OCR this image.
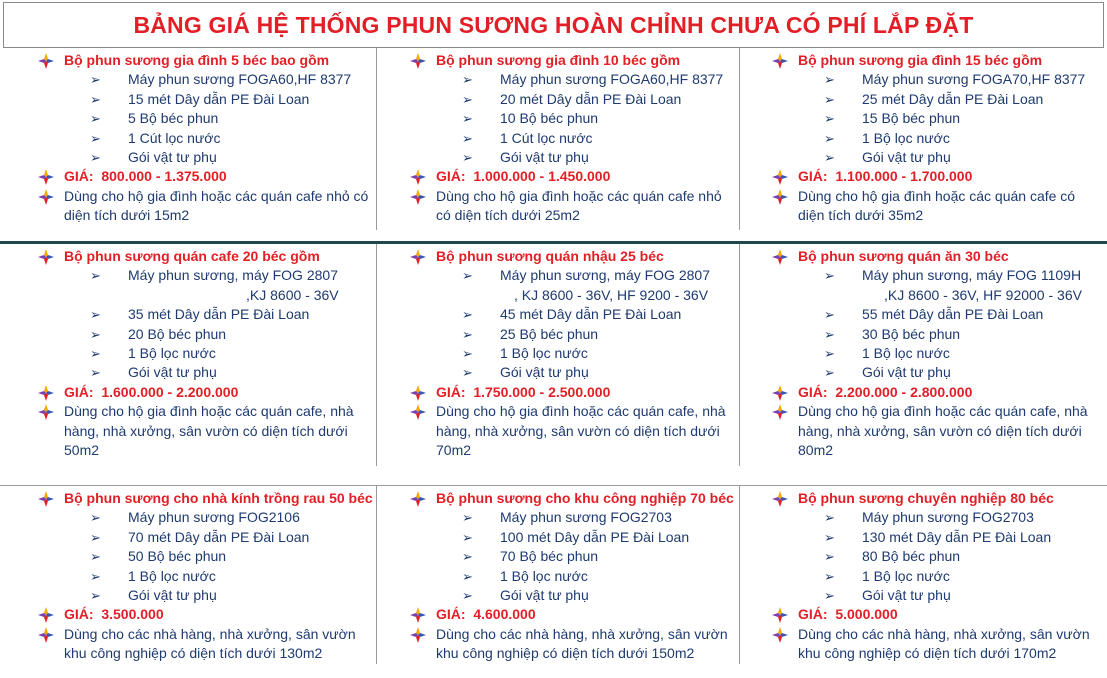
BẢNG GIÁ HỆ THỐNG PHUN SƯƠNG HOÀN CHỈNH CHƯA CÓ PHÍ LẮP ĐẶT
Bộ phun sương gia đình 5 béc bao gồm
➢ Máy phun sương FOGA60,HF 8377
➢ 15 mét Dây dẫn PE Đài Loan
➢ 5 Bộ béc phun
➢ 1 Cút lọc nước
➢ Gói vật tư phụ
GIÁ: 800.000 - 1.375.000
Dùng cho hộ gia đình hoặc các quán cafe nhỏ có diện tích dưới 15m2
Bộ phun sương gia đình 10 béc gồm
➢ Máy phun sương FOGA60,HF 8377
➢ 20 mét Dây dẫn PE Đài Loan
➢ 10 Bộ béc phun
➢ 1 Cút lọc nước
➢ Gói vật tư phụ
GIÁ: 1.000.000 - 1.450.000
Dùng cho hộ gia đình hoặc các quán cafe nhỏ có diện tích dưới 25m2
Bộ phun sương gia đình 15 béc gồm
➢ Máy phun sương FOGA70,HF 8377
➢ 25 mét Dây dẫn PE Đài Loan
➢ 15 Bộ béc phun
➢ 1 Bộ lọc nước
➢ Gói vật tư phụ
GIÁ: 1.100.000 - 1.700.000
Dùng cho hộ gia đình hoặc các quán cafe có diện tích dưới 35m2
Bộ phun sương quán cafe 20 béc gồm
➢ Máy phun sương, máy FOG 2807
,KJ 8600 - 36V
➢ 35 mét Dây dẫn PE Đài Loan
➢ 20 Bộ béc phun
➢ 1 Bộ lọc nước
➢ Gói vật tư phụ
GIÁ: 1.600.000 - 2.200.000
Dùng cho hộ gia đình hoặc các quán cafe, nhà hàng, nhà xưởng, sân vườn có diện tích dưới 50m2
Bộ phun sương quán nhậu 25 béc
➢ Máy phun sương, máy FOG 2807
, KJ 8600 - 36V, HF 9200 - 36V
➢ 45 mét Dây dẫn PE Đài Loan
➢ 25 Bộ béc phun
➢ 1 Bộ lọc nước
➢ Gói vật tư phụ
GIÁ: 1.750.000 - 2.500.000
Dùng cho hộ gia đình hoặc các quán cafe, nhà hàng, nhà xưởng, sân vườn có diện tích dưới 70m2
Bộ phun sương quán ăn 30 béc
➢ Máy phun sương, máy FOG 1109H
,KJ 8600 - 36V, HF 92000 - 36V
➢ 55 mét Dây dẫn PE Đài Loan
➢ 30 Bộ béc phun
➢ 1 Bộ lọc nước
➢ Gói vật tư phụ
GIÁ: 2.200.000 - 2.800.000
Dùng cho hộ gia đình hoặc các quán cafe, nhà hàng, nhà xưởng, sân vườn có diện tích dưới 80m2
Bộ phun sương cho nhà kính trồng rau 50 béc
➢ Máy phun sương FOG2106
➢ 70 mét Dây dẫn PE Đài Loan
➢ 50 Bộ béc phun
➢ 1 Bộ lọc nước
➢ Gói vật tư phụ
GIÁ: 3.500.000
Dùng cho các nhà hàng, nhà xưởng, sân vườn khu công nghiệp có diện tích dưới 130m2
Bộ phun sương cho khu công nghiệp 70 béc
➢ Máy phun sương FOG2703
➢ 100 mét Dây dẫn PE Đài Loan
➢ 70 Bộ béc phun
➢ 1 Bộ lọc nước
➢ Gói vật tư phụ
GIÁ: 4.600.000
Dùng cho các nhà hàng, nhà xưởng, sân vườn khu công nghiệp có diện tích dưới 150m2
Bộ phun sương chuyên nghiệp 80 béc
➢ Máy phun sương FOG2703
➢ 130 mét Dây dẫn PE Đài Loan
➢ 80 Bộ béc phun
➢ 1 Bộ lọc nước
➢ Gói vật tư phụ
GIÁ: 5.000.000
Dùng cho các nhà hàng, nhà xưởng, sân vườn khu công nghiệp có diện tích dưới 170m2
